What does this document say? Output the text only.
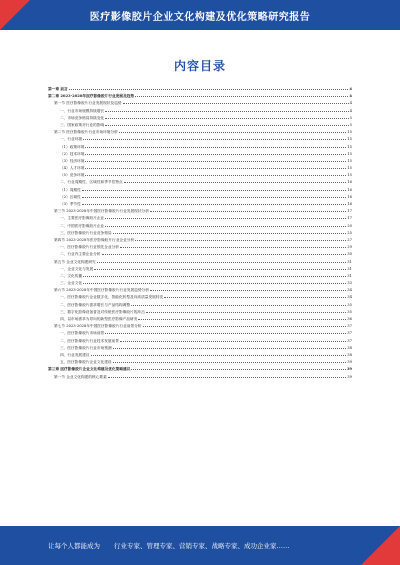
医疗影像胶片企业文化构建及优化策略研究报告
内容目录
第一章 前言	4
第二章 2023-2028年医疗影像胶片行业发展及趋势	4
第一节 医疗影像胶片行业发展现状及趋势	4
一、行业市场规模持续增长	4
二、市场竞争格局持续变化	5
三、国家政策对行业的影响	5
第二节 医疗影像胶片行业市场环境分析	15
一、行业环境	15
（1）政策环境	15
（2）技术环境	15
（3）经济环境	15
（4）人才环境	15
（5）竞争环境	15
二、行业周期性、区域性和季节性特点	16
（1）周期性	16
（2）区域性	16
（3）季节性	16
第三节 2023-2028年中国医疗影像胶片行业发展现状分析	17
一、主要医疗影像胶片企业	17
二、中国医疗影像胶片企业	20
三、医疗影像胶片行业竞争格局	25
第四节 2023-2028年医疗影像胶片行业企业分析	27
一、医疗影像胶片行业领先企业分析	29
二、行业内主要企业分析	30
第五节 企业文化构建研究	31
一、企业文化与发展	31
二、文化传播	31
三、企业文化	33
第六节 2023-2028年中国医疗影像胶片行业发展趋势分析	34
一、医疗影像胶片企业数字化、智能化转型及向高质量发展转变	34
二、医疗影像胶片需求增长与产品结构调整	35
三、数字化影像设备普及对传统医疗影像胶片的冲击	35
四、以市场需求为导向的新型医疗影像产品研发	36
第七节 2023-2028年中国医疗影像胶片行业前景分析	37
一、医疗影像胶片市场前景	37
二、医疗影像胶片行业技术发展前景	37
三、医疗影像胶片行业市场预测	38
四、行业发展建议	38
五、医疗影像胶片企业文化建设	39
第三章 医疗影像胶片企业文化构建及优化策略建议	39
第一节 企业文化构建的核心要素	39
让每个人都能成为 行业专家、管理专家、营销专家、战略专家、成功企业家……
